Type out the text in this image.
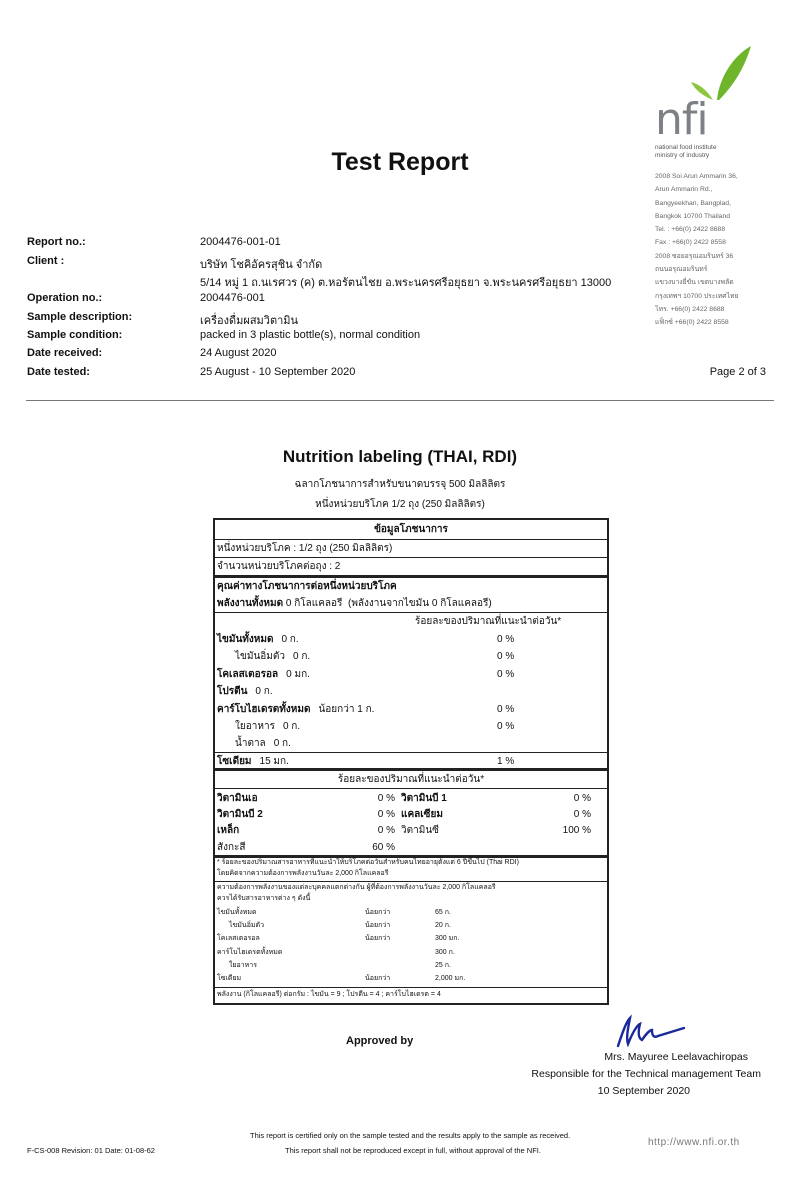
nfi
national food institute
ministry of industry
2008 Soi Arun Ammarin 36,
Arun Ammarin Rd.,
Bangyeekhan, Bangplad,
Bangkok 10700 Thailand
Tel. : +66(0) 2422 8688
Fax : +66(0) 2422 8558
2008 ซอยอรุณอมรินทร์ 36
ถนนอรุณอมรินทร์
แขวงบางยี่ขัน เขตบางพลัด
กรุงเทพฯ 10700 ประเทศไทย
โทร. +66(0) 2422 8688
แฟ็กซ์ +66(0) 2422 8558
Test Report
Report no.:	2004476-001-01
Client :	บริษัท โชคิอัครสุชิน จำกัด
5/14 หมู่ 1 ถ.นเรศวร (ค) ต.หอรัตนไชย อ.พระนครศรีอยุธยา จ.พระนครศรีอยุธยา 13000
Operation no.:	2004476-001
Sample description:	เครื่องดื่มผสมวิตามิน
Sample condition:	packed in 3 plastic bottle(s), normal condition
Date received:	24 August 2020
Date tested:	25 August - 10 September 2020	Page 2 of 3
Nutrition labeling (THAI, RDI)
ฉลากโภชนาการสำหรับขนาดบรรจุ 500 มิลลิลิตร
หนึ่งหน่วยบริโภค 1/2 ถุง (250 มิลลิลิตร)
ข้อมูลโภชนาการ
หนึ่งหน่วยบริโภค : 1/2 ถุง (250 มิลลิลิตร)
จำนวนหน่วยบริโภคต่อถุง : 2
คุณค่าทางโภชนาการต่อหนึ่งหน่วยบริโภค
พลังงานทั้งหมด 0 กิโลแคลอรี (พลังงานจากไขมัน 0 กิโลแคลอรี)
ร้อยละของปริมาณที่แนะนำต่อวัน*
ไขมันทั้งหมด 0 ก.	0 %
ไขมันอิ่มตัว 0 ก.	0 %
โคเลสเตอรอล 0 มก.	0 %
โปรตีน 0 ก.
คาร์โบไฮเดรตทั้งหมด น้อยกว่า 1 ก.	0 %
ใยอาหาร 0 ก.	0 %
น้ำตาล 0 ก.
โซเดียม 15 มก.	1 %
ร้อยละของปริมาณที่แนะนำต่อวัน*
วิตามินเอ	0 % วิตามินบี 1	0 %
วิตามินบี 2	0 % แคลเซียม	0 %
เหล็ก	0 % วิตามินซี	100 %
สังกะสี	60 %
* ร้อยละของปริมาณสารอาหารที่แนะนำให้บริโภคต่อวันสำหรับคนไทยอายุตั้งแต่ 6 ปีขึ้นไป (Thai RDI)
โดยคิดจากความต้องการพลังงานวันละ 2,000 กิโลแคลอรี
ความต้องการพลังงานของแต่ละบุคคลแตกต่างกัน ผู้ที่ต้องการพลังงานวันละ 2,000 กิโลแคลอรี
ควรได้รับสารอาหารต่าง ๆ ดังนี้
ไขมันทั้งหมด	น้อยกว่า	65 ก.
ไขมันอิ่มตัว	น้อยกว่า	20 ก.
โคเลสเตอรอล	น้อยกว่า	300 มก.
คาร์โบไฮเดรตทั้งหมด	300 ก.
ใยอาหาร	25 ก.
โซเดียม	น้อยกว่า	2,000 มก.
พลังงาน (กิโลแคลอรี) ต่อกรัม : ไขมัน = 9 ; โปรตีน = 4 ; คาร์โบไฮเดรต = 4
Approved by
Mrs. Mayuree Leelavachiropas
Responsible for the Technical management Team
10 September 2020
F-CS-008 Revision: 01 Date: 01-08-62
This report is certified only on the sample tested and the results apply to the sample as received.
This report shall not be reproduced except in full, without approval of the NFI.
http://www.nfi.or.th
